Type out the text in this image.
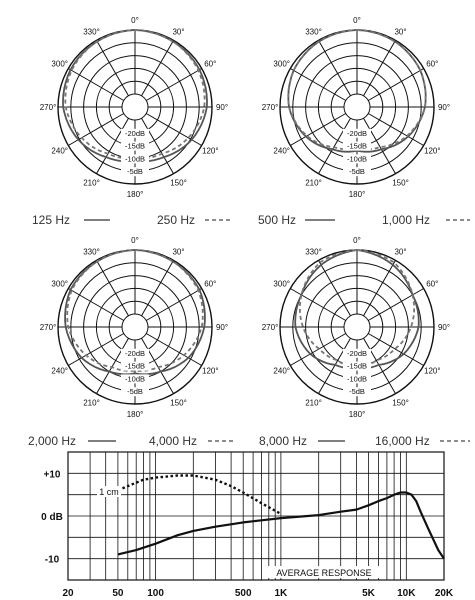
0°
30°
60°
90°
120°
150°
180°
210°
240°
270°
300°
330°
-20dB
-15dB
-10dB
-5dB
0°
30°
60°
90°
120°
150°
180°
210°
240°
270°
300°
330°
-20dB
-15dB
-10dB
-5dB
0°
30°
60°
90°
120°
150°
180°
210°
240°
270°
300°
330°
-20dB
-15dB
-10dB
-5dB
0°
30°
60°
90°
120°
150°
180°
210°
240°
270°
300°
330°
-20dB
-15dB
-10dB
-5dB
125 Hz	250 Hz	500 Hz	1,000 Hz
2,000 Hz	4,000 Hz	8,000 Hz	16,000 Hz
+10
0 dB
-10
20	50 100	500 1K	5K 10K 20K
AVERAGE RESPONSE
1 cm
